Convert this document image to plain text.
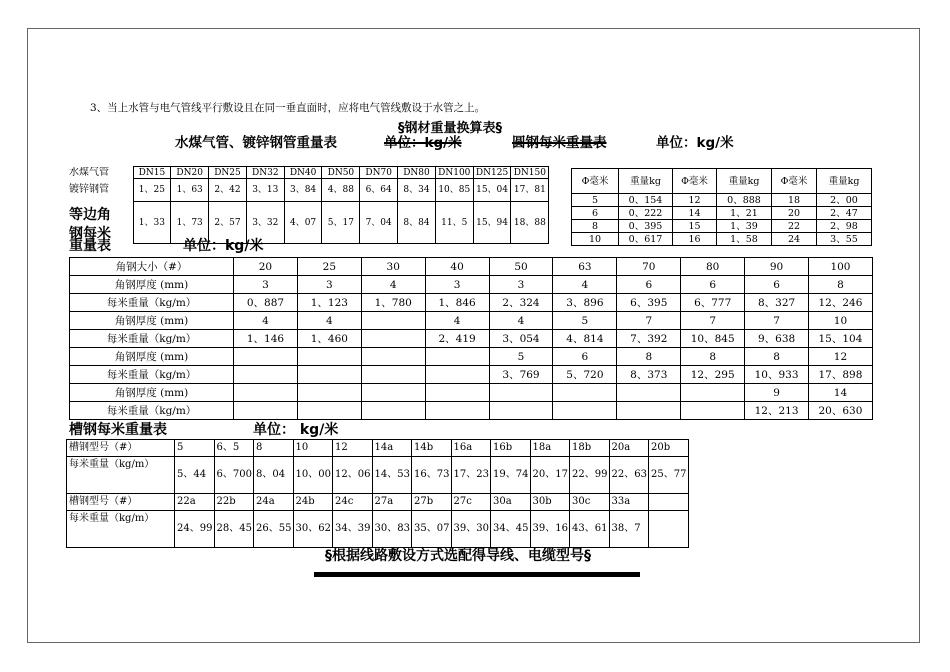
3、当上水管与电气管线平行敷设且在同一垂直面时，应将电气管线敷设于水管之上。
§钢材重量换算表§
水煤气管、镀锌钢管重量表	单位：kg/米	圆钢每米重量表	单位：kg/米
水煤气管	DN15	DN20	DN25	DN32	DN40	DN50	DN70	DN80	DN100	DN125	DN150
镀锌钢管	1、25	1、63	2、42	3、13	3、84	4、88	6、64	8、34	10、85	15、04	17、81

等边角
钢每米	1、33	1、73	2、57	3、32	4、07	5、17	7、04	8、84	11、5	15、94	18、88

Φ毫米	重量kg	Φ毫米	重量kg	Φ毫米	重量kg
5	0、154	12	0、888	18	2、00
6	0、222	14	1、21	20	2、47
8	0、395	15	1、39	22	2、98
10	0、617	16	1、58	24	3、55
重量表	单位：kg/米
角钢大小（#）	20	25	30	40	50	63	70	80	90	100
角钢厚度 (mm)	3	3	4	3	3	4	6	6	6	8
每米重量（kg/m）	0、887	1、123	1、780	1、846	2、324	3、896	6、395	6、777	8、327	12、246
角钢厚度 (mm)	4	4		4	4	5	7	7	7	10
每米重量（kg/m）	1、146	1、460		2、419	3、054	4、814	7、392	10、845	9、638	15、104
角钢厚度 (mm)					5	6	8	8	8	12
每米重量（kg/m）					3、769	5、720	8、373	12、295	10、933	17、898
角钢厚度 (mm)									9	14
每米重量（kg/m）									12、213	20、630
槽钢每米重量表	单位： kg/米
槽钢型号（#）	5	6、5	8	10	12	14a	14b	16a	16b	18a	18b	20a	20b
每米重量（kg/m）	5、44	6、700	8、04	10、00	12、06	14、53	16、73	17、23	19、74	20、17	22、99	22、63	25、77
槽钢型号（#）	22a	22b	24a	24b	24c	27a	27b	27c	30a	30b	30c	33a	
每米重量（kg/m）	24、99	28、45	26、55	30、62	34、39	30、83	35、07	39、30	34、45	39、16	43、61	38、7	
§根据线路敷设方式选配得导线、电缆型号§
